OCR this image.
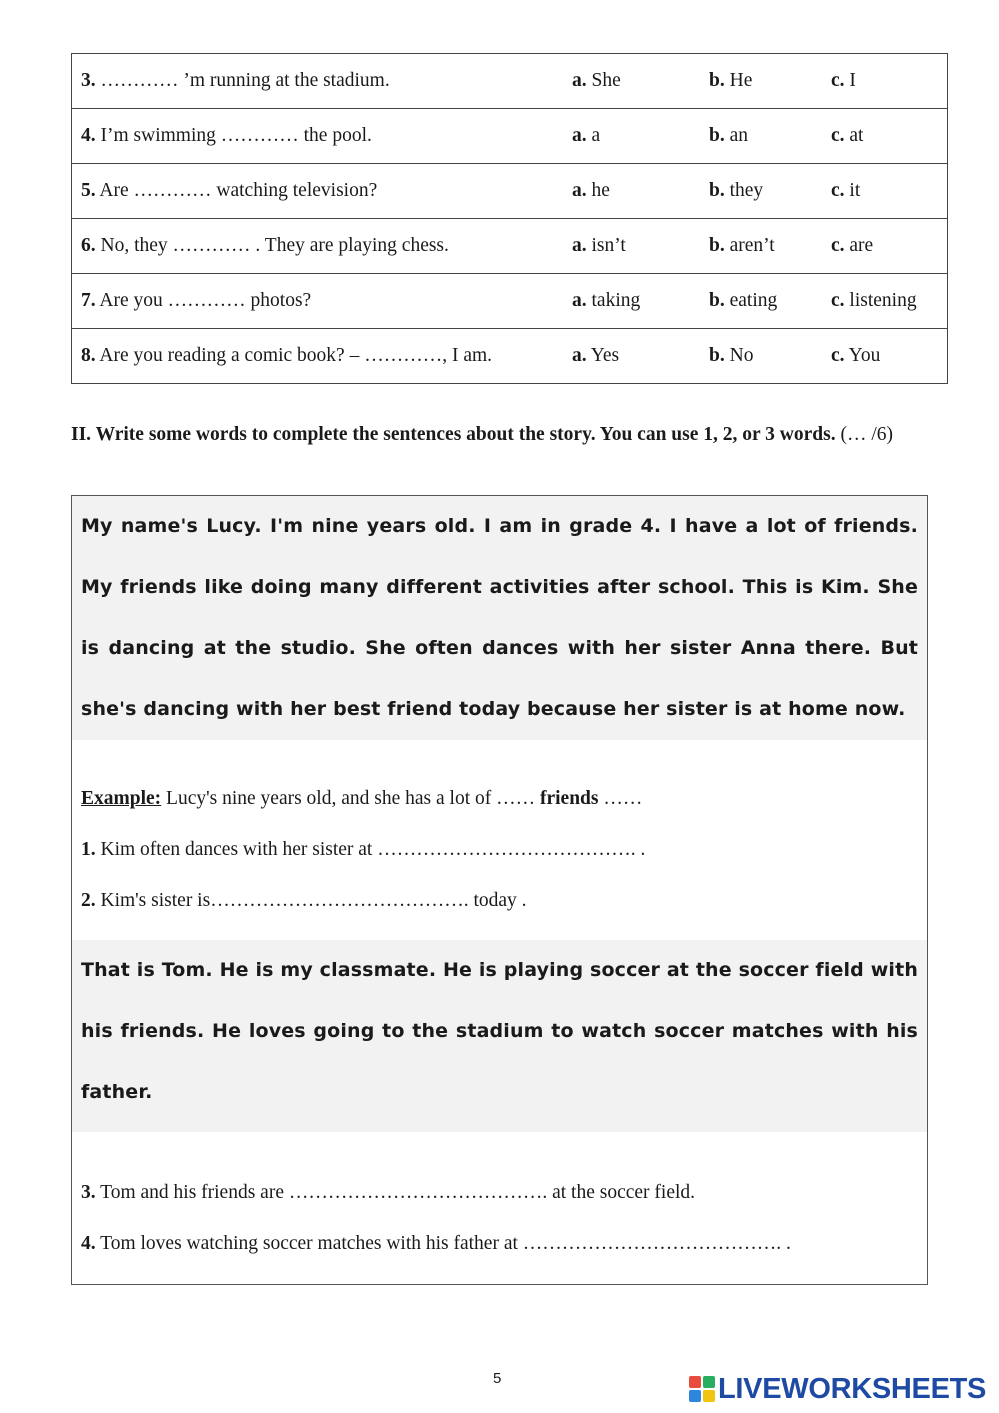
3. ………… ’m running at the stadium.	a. She	b. He	c. I
4. I’m swimming ………… the pool.	a. a	b. an	c. at
5. Are ………… watching television?	a. he	b. they	c. it
6. No, they ………… . They are playing chess.	a. isn’t	b. aren’t	c. are
7. Are you ………… photos?	a. taking	b. eating	c. listening
8. Are you reading a comic book? – …………, I am.	a. Yes	b. No	c. You
II. Write some words to complete the sentences about the story. You can use 1, 2, or 3 words. (… /6)
My name's Lucy. I'm nine years old. I am in grade 4. I have a lot of friends. My friends like doing many different activities after school. This is Kim. She is dancing at the studio. She often dances with her sister Anna there. But she's dancing with her best friend today because her sister is at home now.
Example: Lucy's nine years old, and she has a lot of …… friends ……
1. Kim often dances with her sister at …………………………………. .
2. Kim's sister is…………………………………. today .
That is Tom. He is my classmate. He is playing soccer at the soccer field with his friends. He loves going to the stadium to watch soccer matches with his father.
3. Tom and his friends are …………………………………. at the soccer field.
4. Tom loves watching soccer matches with his father at …………………………………. .
5	LIVEWORKSHEETS
